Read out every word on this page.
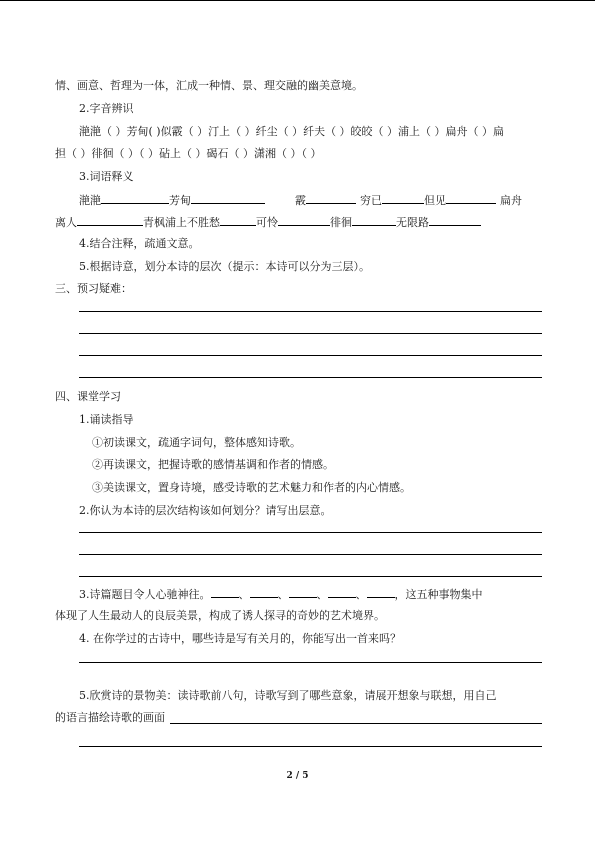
情、画意、哲理为一体，汇成一种情、景、理交融的幽美意境。
2.字音辨识
滟滟（ ）芳甸( )似霰（ ）汀上（ ）纤尘（ ）纤夫（ ）皎皎（ ）浦上（ ）扁舟（ ）扁
担（ ）徘徊（ ）（ ）砧上（ ）碣石（ ）潇湘（ ）（ ）
3.词语释义
滟滟	芳甸	霰	穷已	但见	扁舟
离人	青枫浦上不胜愁	可怜	徘徊	无限路
4.结合注释，疏通文意。
5.根据诗意，划分本诗的层次（提示：本诗可以分为三层）。
三、预习疑难：
四、课堂学习
1.诵读指导
①初读课文，疏通字词句，整体感知诗歌。
②再读课文，把握诗歌的感情基调和作者的情感。
③美读课文，置身诗境，感受诗歌的艺术魅力和作者的内心情感。
2.你认为本诗的层次结构该如何划分？请写出层意。
3.诗篇题目令人心驰神往。	、	、	、	、	，这五种事物集中
体现了人生最动人的良辰美景，构成了诱人探寻的奇妙的艺术境界。
4. 在你学过的古诗中，哪些诗是写有关月的，你能写出一首来吗？
5.欣赏诗的景物美：读诗歌前八句，诗歌写到了哪些意象，请展开想象与联想，用自己
的语言描绘诗歌的画面
2 / 5
